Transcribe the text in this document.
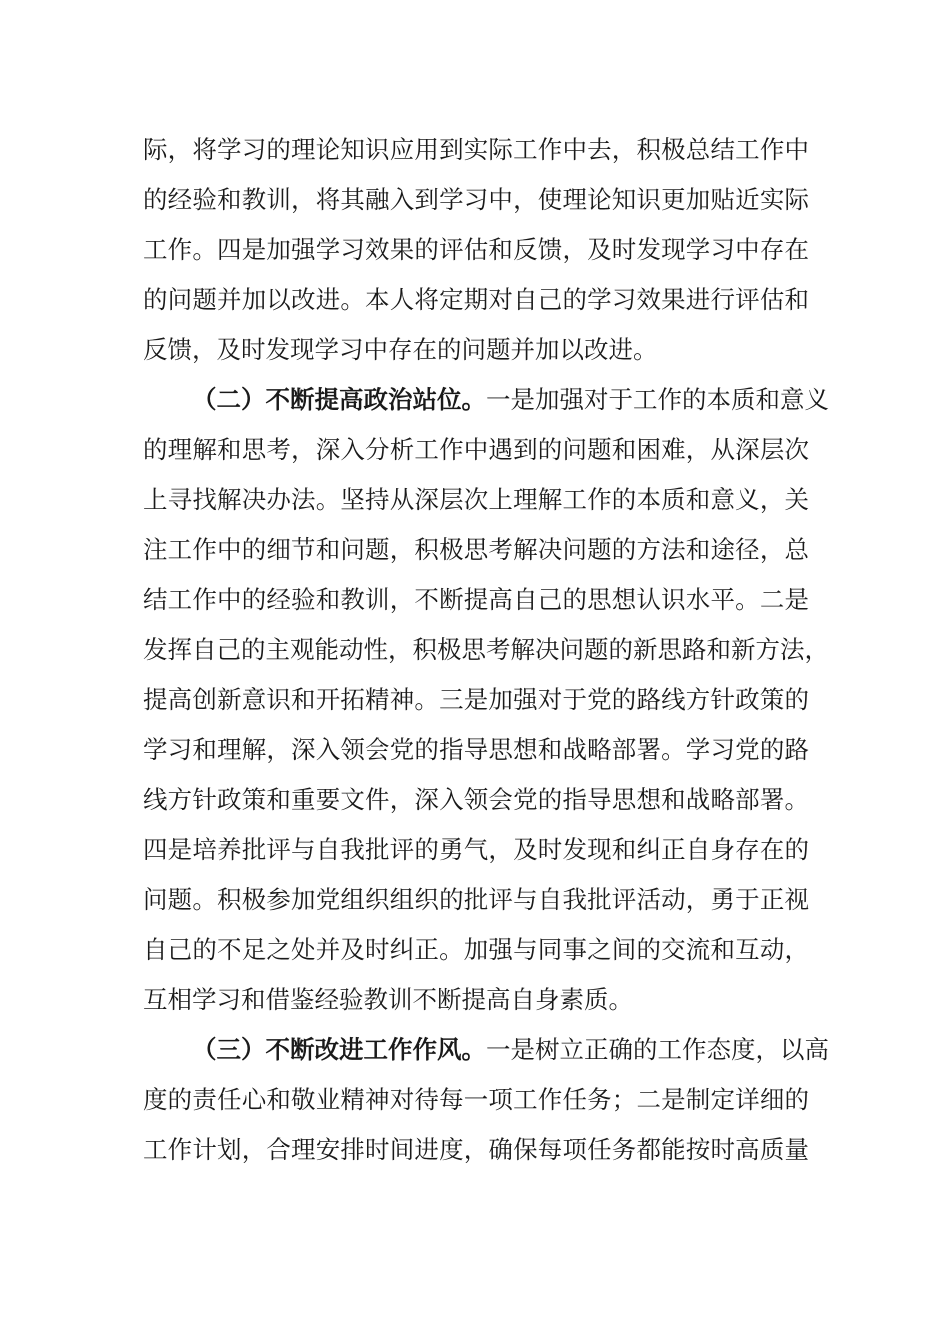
际，将学习的理论知识应用到实际工作中去，积极总结工作中
的经验和教训，将其融入到学习中，使理论知识更加贴近实际
工作。四是加强学习效果的评估和反馈，及时发现学习中存在
的问题并加以改进。本人将定期对自己的学习效果进行评估和
反馈，及时发现学习中存在的问题并加以改进。
（二）不断提高政治站位。一是加强对于工作的本质和意义
的理解和思考，深入分析工作中遇到的问题和困难，从深层次
上寻找解决办法。坚持从深层次上理解工作的本质和意义，关
注工作中的细节和问题，积极思考解决问题的方法和途径，总
结工作中的经验和教训，不断提高自己的思想认识水平。二是
发挥自己的主观能动性，积极思考解决问题的新思路和新方法，
提高创新意识和开拓精神。三是加强对于党的路线方针政策的
学习和理解，深入领会党的指导思想和战略部署。学习党的路
线方针政策和重要文件，深入领会党的指导思想和战略部署。
四是培养批评与自我批评的勇气，及时发现和纠正自身存在的
问题。积极参加党组织组织的批评与自我批评活动，勇于正视
自己的不足之处并及时纠正。加强与同事之间的交流和互动，
互相学习和借鉴经验教训不断提高自身素质。
（三）不断改进工作作风。一是树立正确的工作态度，以高
度的责任心和敬业精神对待每一项工作任务；二是制定详细的
工作计划，合理安排时间进度，确保每项任务都能按时高质量
